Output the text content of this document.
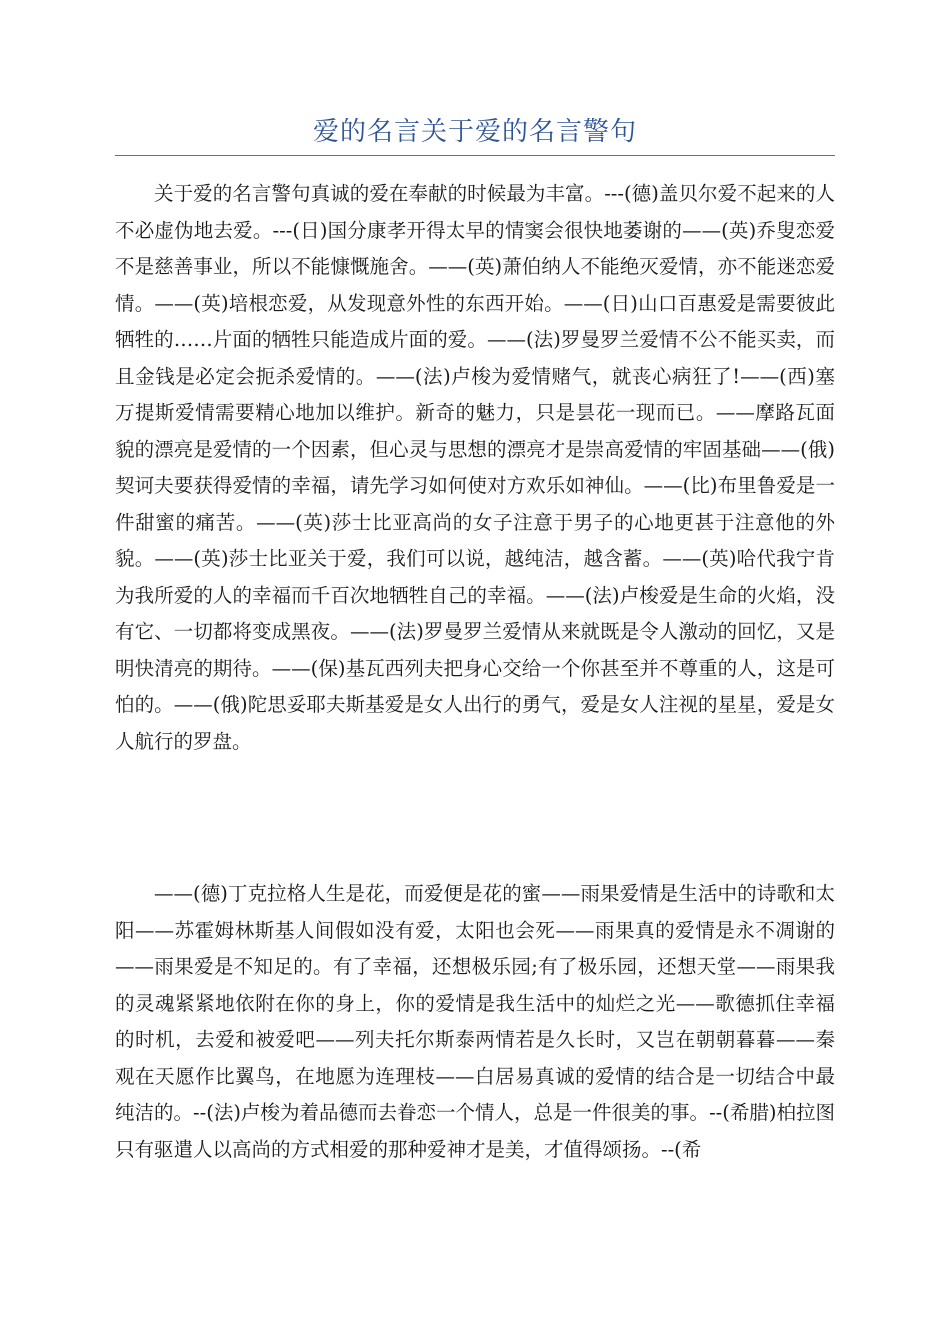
爱的名言关于爱的名言警句

关于爱的名言警句真诚的爱在奉献的时候最为丰富。---(德)盖贝尔爱不起来的人不必虚伪地去爱。---(日)国分康孝开得太早的情窦会很快地萎谢的——(英)乔叟恋爱不是慈善事业，所以不能慷慨施舍。——(英)萧伯纳人不能绝灭爱情，亦不能迷恋爱情。——(英)培根恋爱，从发现意外性的东西开始。——(日)山口百惠爱是需要彼此牺牲的……片面的牺牲只能造成片面的爱。——(法)罗曼罗兰爱情不公不能买卖，而且金钱是必定会扼杀爱情的。——(法)卢梭为爱情赌气，就丧心病狂了!——(西)塞万提斯爱情需要精心地加以维护。新奇的魅力，只是昙花一现而已。——摩路瓦面貌的漂亮是爱情的一个因素，但心灵与思想的漂亮才是崇高爱情的牢固基础——(俄)契诃夫要获得爱情的幸福，请先学习如何使对方欢乐如神仙。——(比)布里鲁爱是一件甜蜜的痛苦。——(英)莎士比亚高尚的女子注意于男子的心地更甚于注意他的外貌。——(英)莎士比亚关于爱，我们可以说，越纯洁，越含蓄。——(英)哈代我宁肯为我所爱的人的幸福而千百次地牺牲自己的幸福。——(法)卢梭爱是生命的火焰，没有它、一切都将变成黑夜。——(法)罗曼罗兰爱情从来就既是令人激动的回忆，又是明快清亮的期待。——(保)基瓦西列夫把身心交给一个你甚至并不尊重的人，这是可怕的。——(俄)陀思妥耶夫斯基爱是女人出行的勇气，爱是女人注视的星星，爱是女人航行的罗盘。

——(德)丁克拉格人生是花，而爱便是花的蜜——雨果爱情是生活中的诗歌和太阳——苏霍姆林斯基人间假如没有爱，太阳也会死——雨果真的爱情是永不凋谢的——雨果爱是不知足的。有了幸福，还想极乐园;有了极乐园，还想天堂——雨果我的灵魂紧紧地依附在你的身上，你的爱情是我生活中的灿烂之光——歌德抓住幸福的时机，去爱和被爱吧——列夫托尔斯泰两情若是久长时，又岂在朝朝暮暮——秦观在天愿作比翼鸟，在地愿为连理枝——白居易真诚的爱情的结合是一切结合中最纯洁的。--(法)卢梭为着品德而去眷恋一个情人，总是一件很美的事。--(希腊)柏拉图只有驱遣人以高尚的方式相爱的那种爱神才是美，才值得颂扬。--(希
